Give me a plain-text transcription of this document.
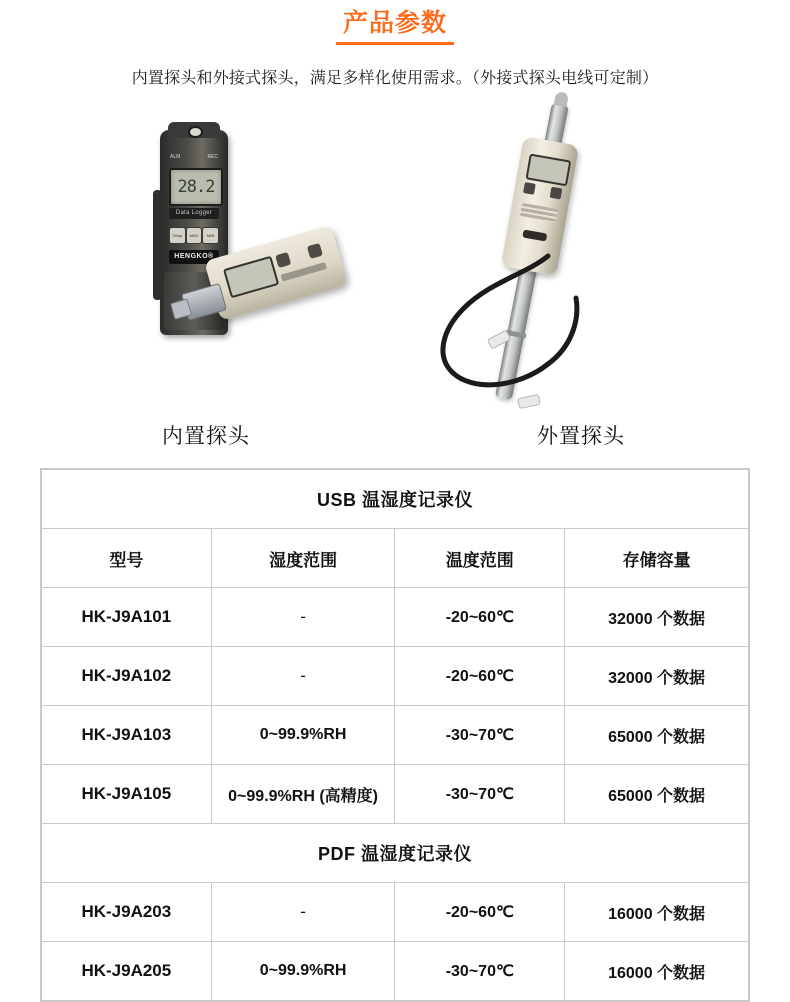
产品参数
内置探头和外接式探头，满足多样化使用需求。（外接式探头电线可定制）
ALM	REC
28.2
Data Logger
Temp	MAX	MIN
HENGKO®
内置探头	外置探头
USB 温湿度记录仪			
型号	湿度范围	温度范围	存储容量
HK-J9A101	-	-20~60℃	32000 个数据
HK-J9A102	-	-20~60℃	32000 个数据
HK-J9A103	0~99.9%RH	-30~70℃	65000 个数据
HK-J9A105	0~99.9%RH (高精度)	-30~70℃	65000 个数据
PDF 温湿度记录仪			
HK-J9A203	-	-20~60℃	16000 个数据
HK-J9A205	0~99.9%RH	-30~70℃	16000 个数据
